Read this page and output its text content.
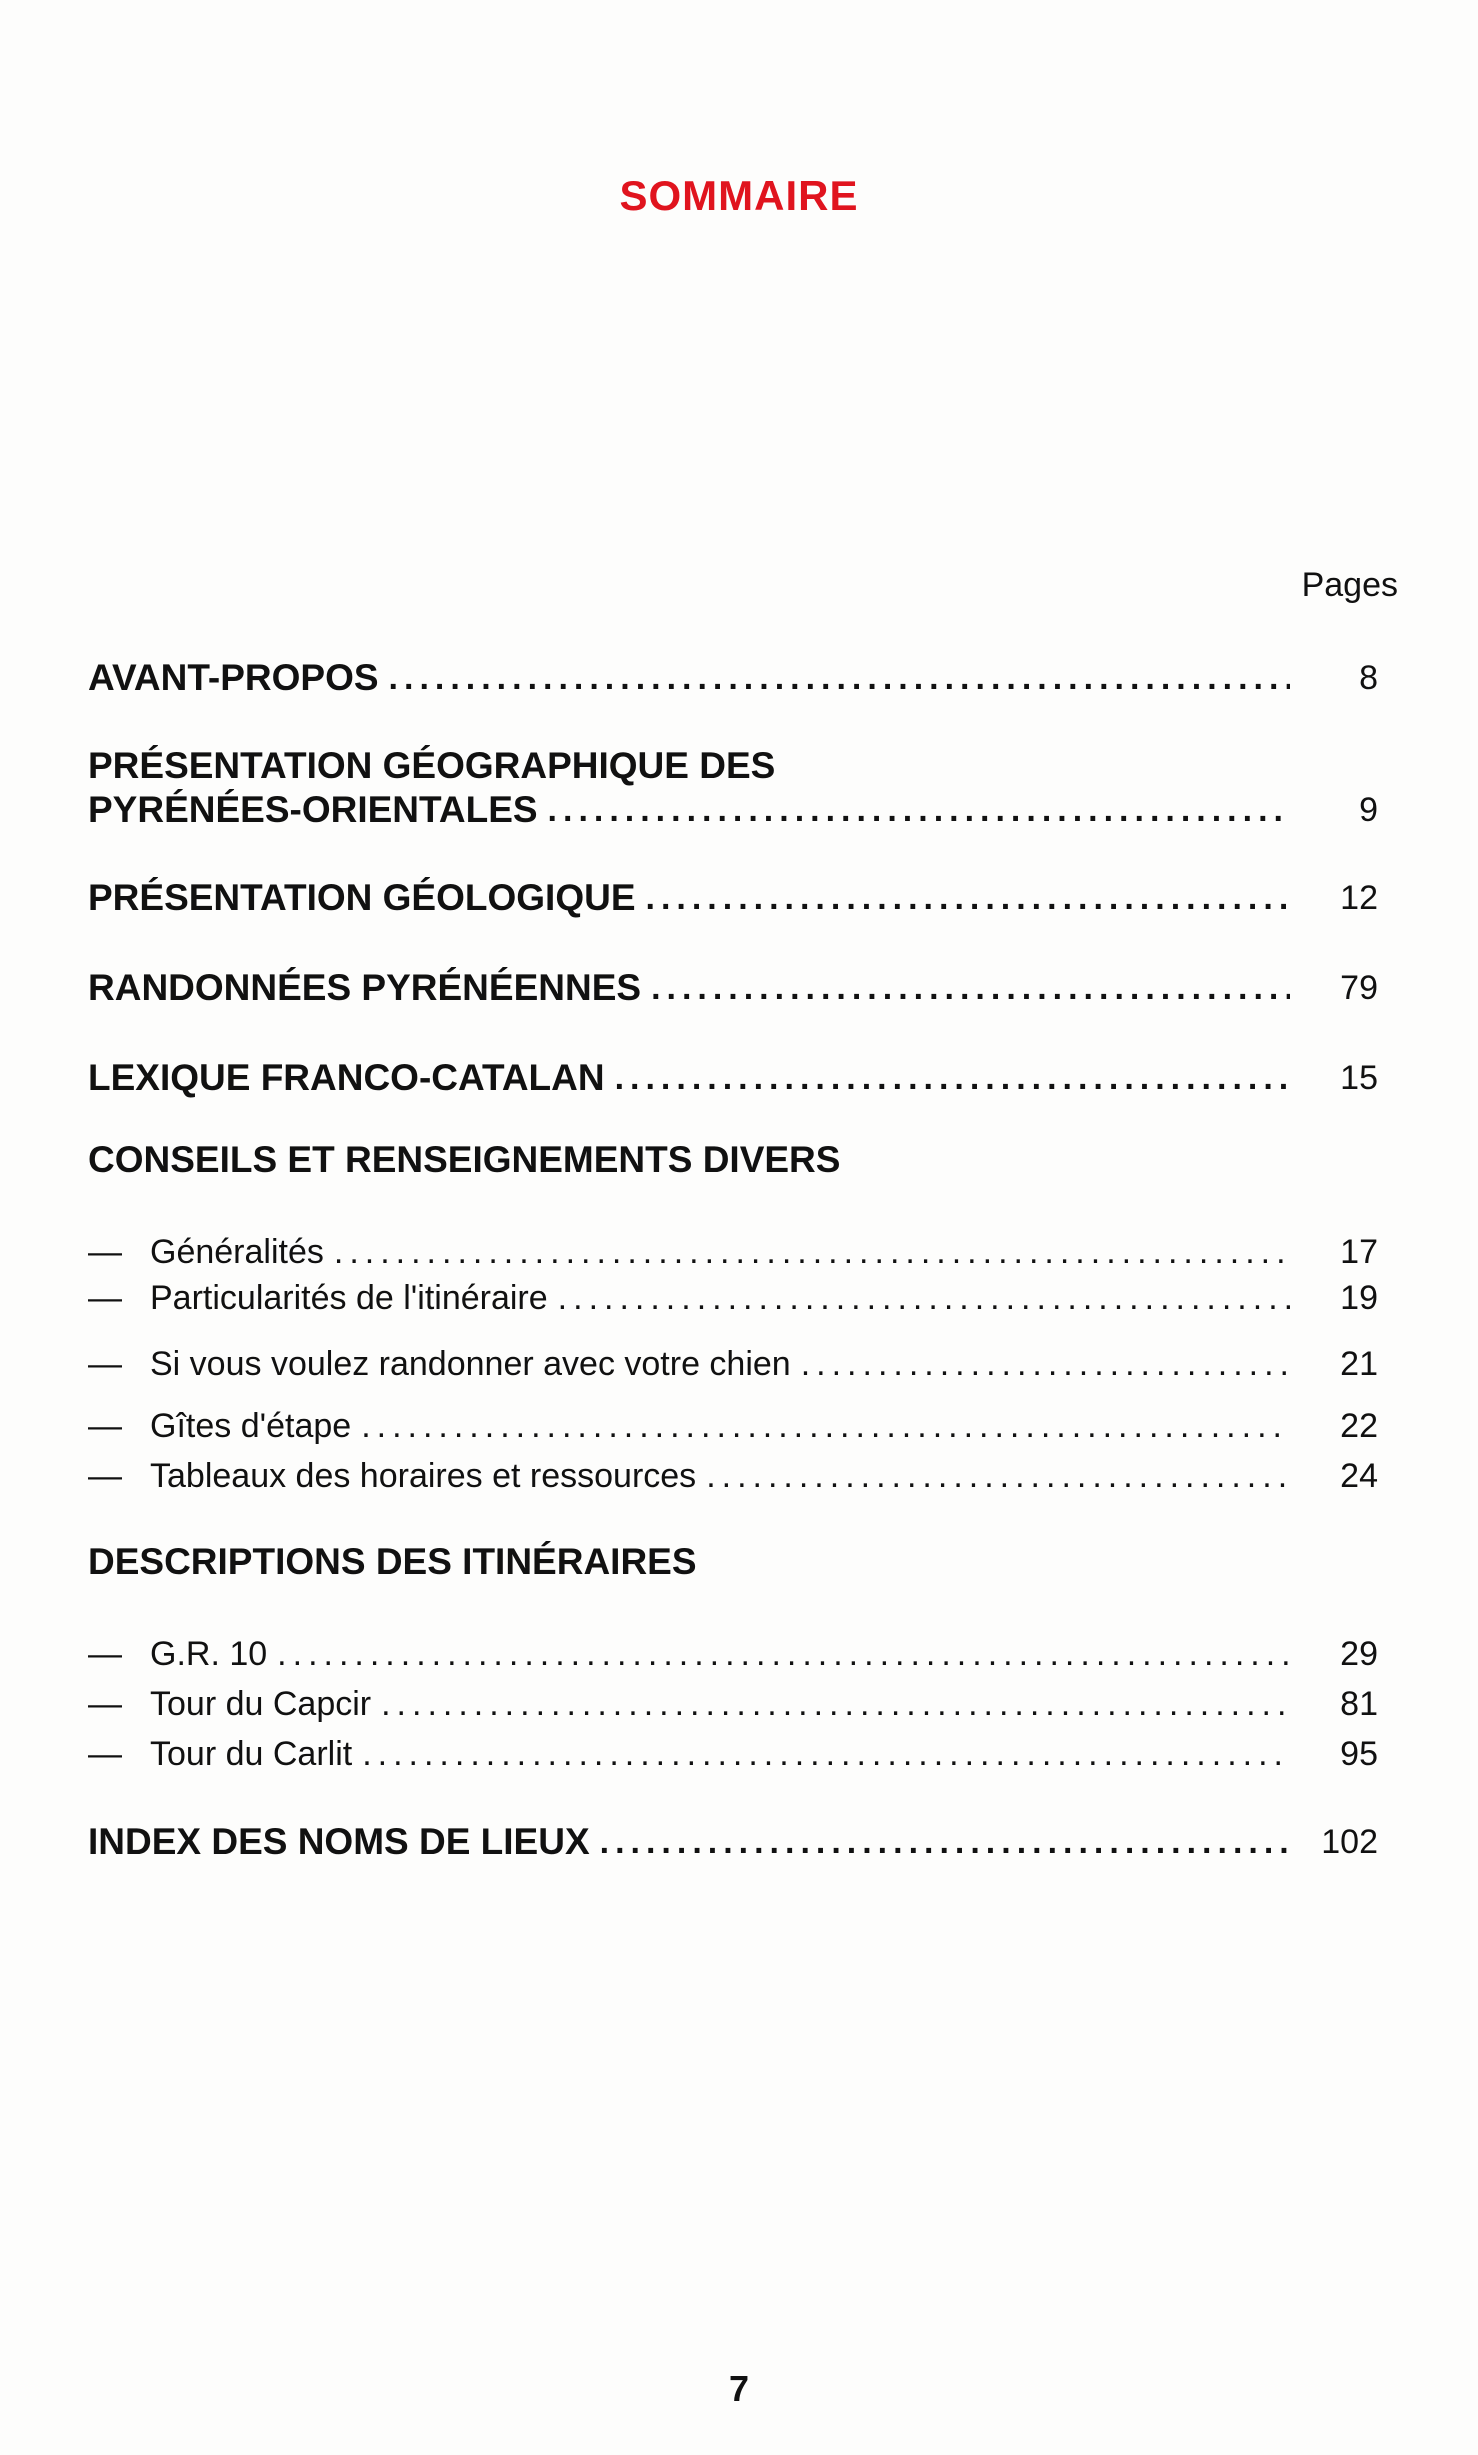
SOMMAIRE
Pages
AVANT-PROPOS .....	8
PRÉSENTATION GÉOGRAPHIQUE DES
PYRÉNÉES-ORIENTALES .....	9
PRÉSENTATION GÉOLOGIQUE .....	12
RANDONNÉES PYRÉNÉENNES .....	79
LEXIQUE FRANCO-CATALAN .....	15
CONSEILS ET RENSEIGNEMENTS DIVERS
— Généralités .....	17
— Particularités de l'itinéraire .....	19
— Si vous voulez randonner avec votre chien .....	21
— Gîtes d'étape .....	22
— Tableaux des horaires et ressources .....	24
DESCRIPTIONS DES ITINÉRAIRES
— G.R. 10 .....	29
— Tour du Capcir .....	81
— Tour du Carlit .....	95
INDEX DES NOMS DE LIEUX .....	102
7
